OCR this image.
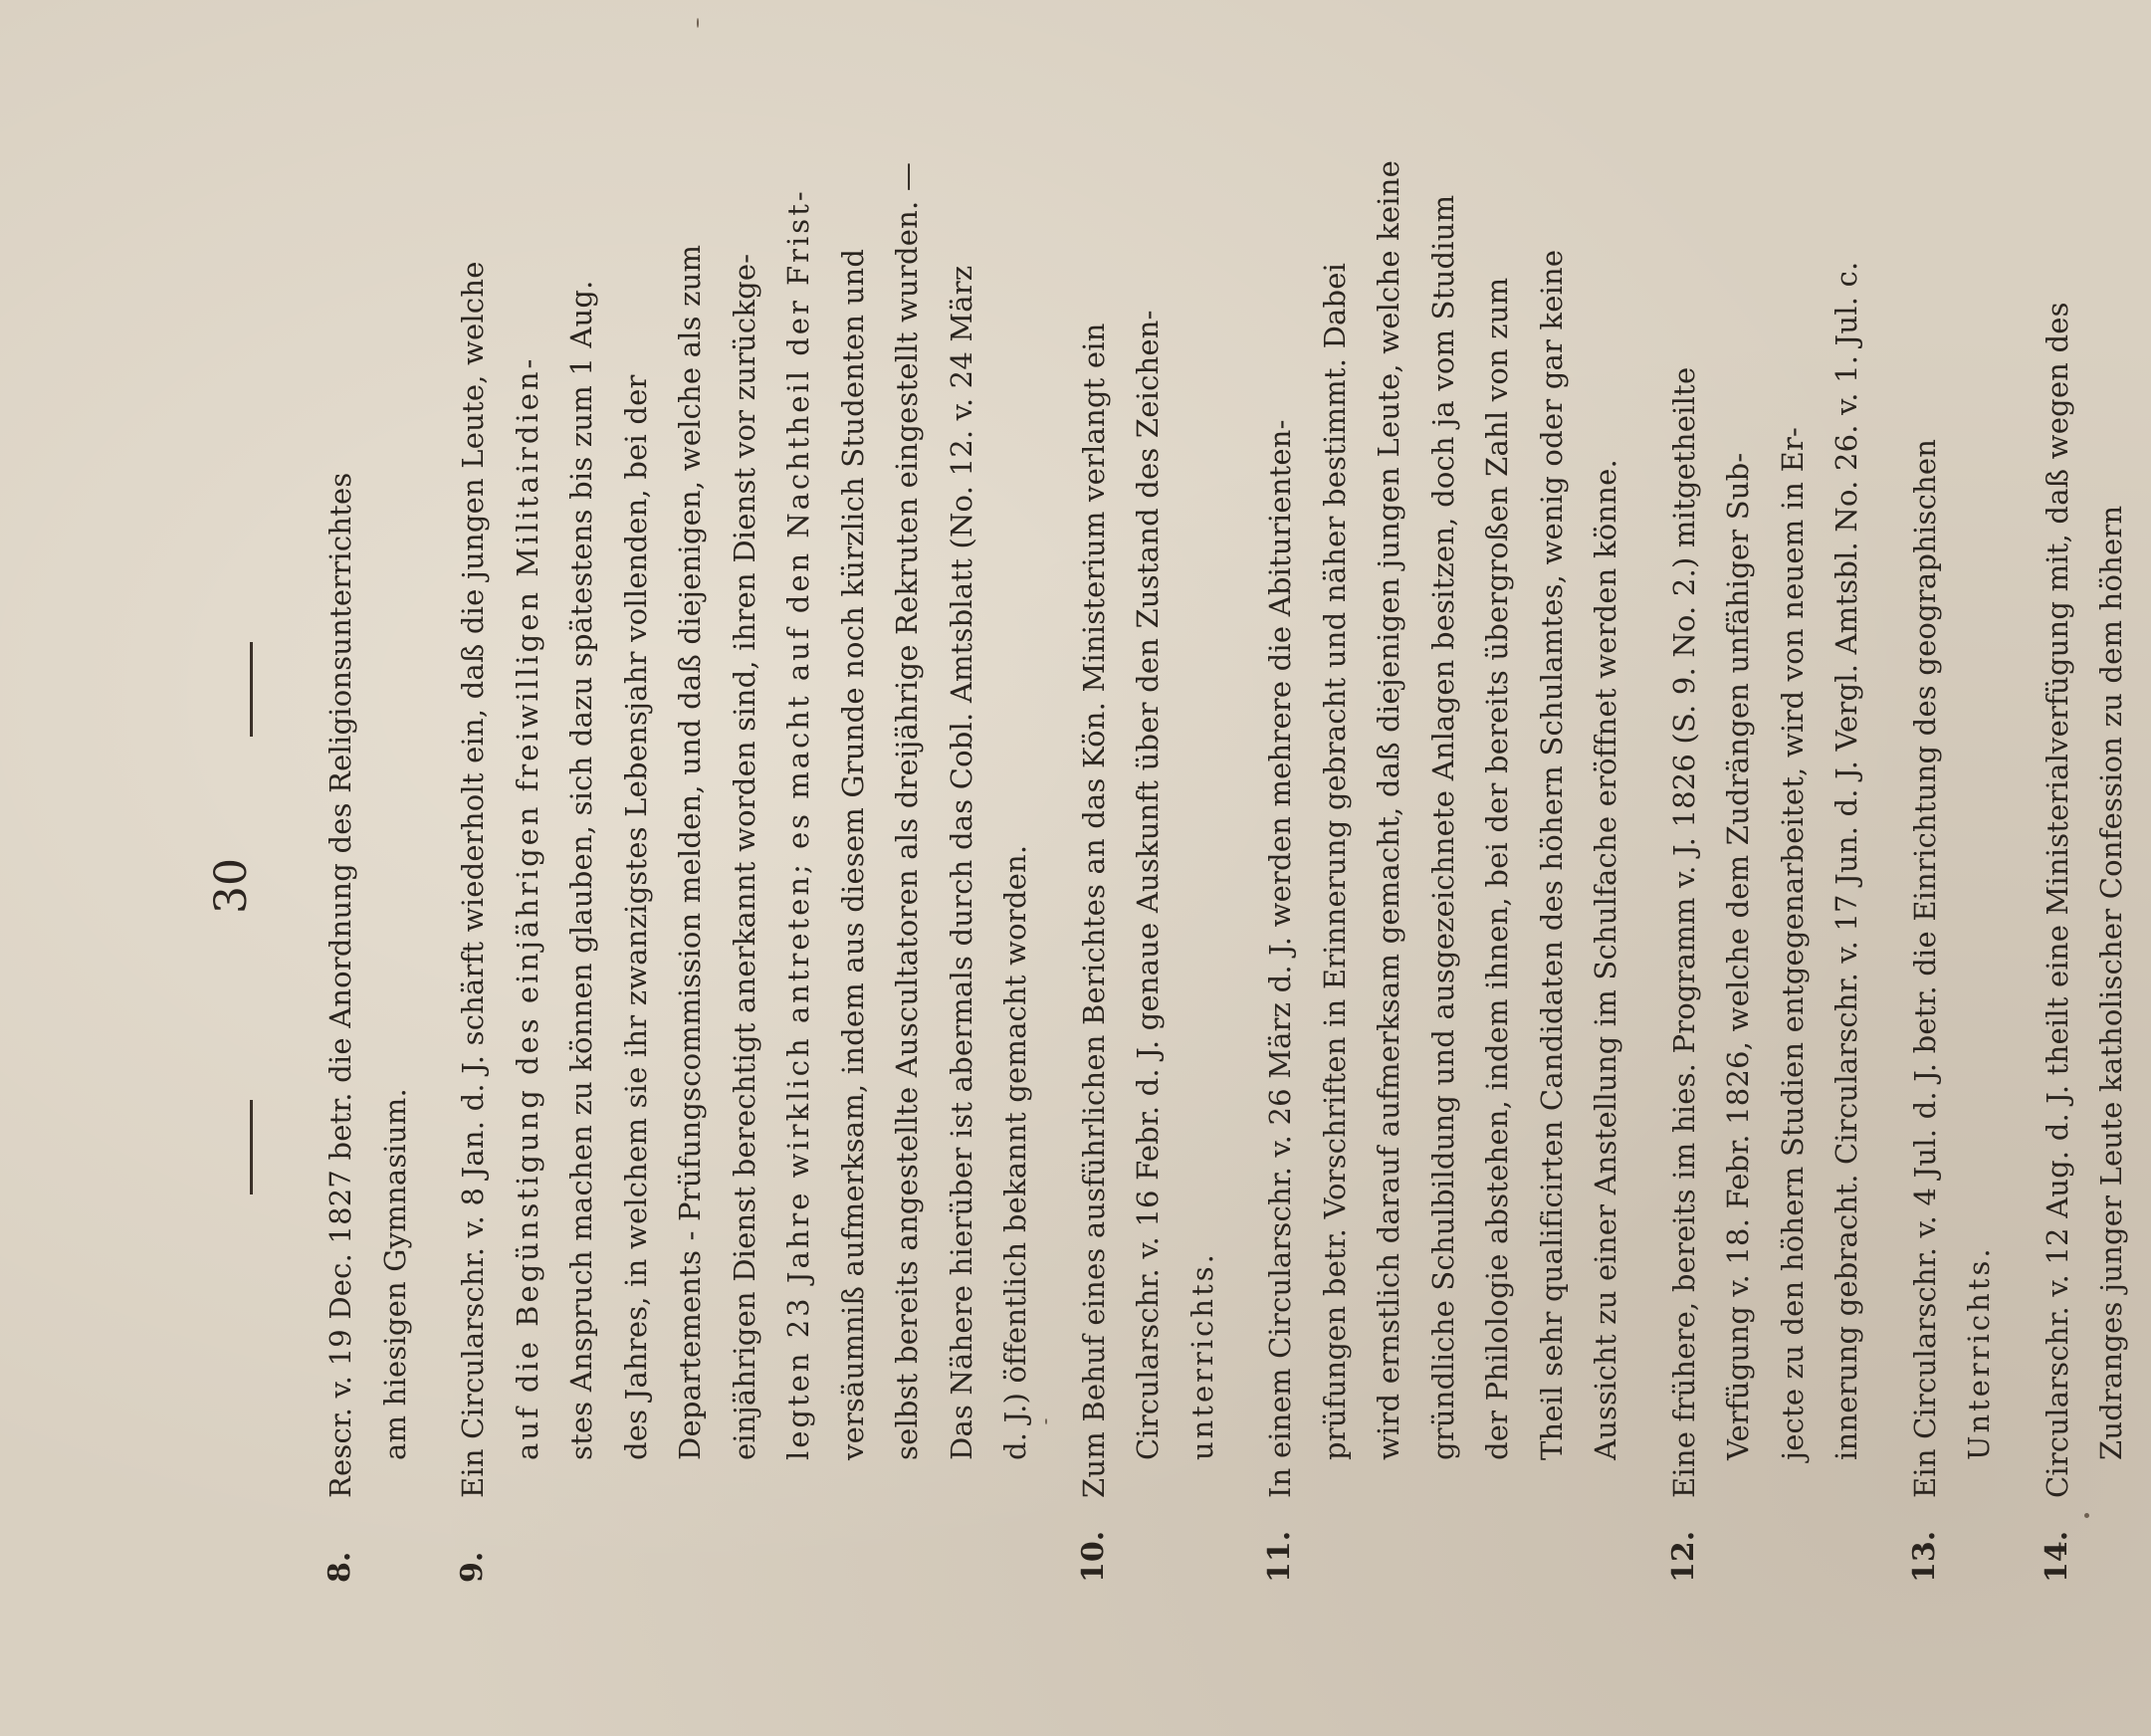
30
8.
Rescr. v. 19 Dec. 1827 betr. die Anordnung des Religionsunterrichtes am hiesigen Gymnasium.
9.
Ein Circularschr. v. 8 Jan. d. J. schärft wiederholt ein, daß die jungen Leute, welche auf die Begünstigung des einjährigen freiwilligen Militairdien- stes Anspruch machen zu können glauben, sich dazu spätestens bis zum 1 Aug. des Jahres, in welchem sie ihr zwanzigstes Lebensjahr vollenden, bei der Departements - Prüfungscommission melden, und daß diejenigen, welche als zum einjährigen Dienst berechtigt anerkannt worden sind, ihren Dienst vor zurückge- legten 23 Jahre wirklich antreten; es macht auf den Nachtheil der Frist- versäumniß aufmerksam, indem aus diesem Grunde noch kürzlich Studenten und selbst bereits angestellte Auscultatoren als dreijährige Rekruten eingestellt wurden. — Das Nähere hierüber ist abermals durch das Cobl. Amtsblatt (No. 12. v. 24 März d. J.) öffentlich bekannt gemacht worden.
10.
Zum Behuf eines ausführlichen Berichtes an das Kön. Ministerium verlangt ein Circularschr. v. 16 Febr. d. J. genaue Auskunft über den Zustand des Zeichen- unterrichts.
11.
In einem Circularschr. v. 26 März d. J. werden mehrere die Abiturienten- prüfungen betr. Vorschriften in Erinnerung gebracht und näher bestimmt. Dabei wird ernstlich darauf aufmerksam gemacht, daß diejenigen jungen Leute, welche keine gründliche Schulbildung und ausgezeichnete Anlagen besitzen, doch ja vom Studium der Philologie abstehen, indem ihnen, bei der bereits übergroßen Zahl von zum Theil sehr qualificirten Candidaten des höhern Schulamtes, wenig oder gar keine Aussicht zu einer Anstellung im Schulfache eröffnet werden könne.
12.
Eine frühere, bereits im hies. Programm v. J. 1826 (S. 9. No. 2.) mitgetheilte Verfügung v. 18. Febr. 1826, welche dem Zudrängen unfähiger Sub- jecte zu den höhern Studien entgegenarbeitet, wird von neuem in Er- innerung gebracht. Circularschr. v. 17 Jun. d. J. Vergl. Amtsbl. No. 26. v. 1. Jul. c.
13.
Ein Circularschr. v. 4 Jul. d. J. betr. die Einrichtung des geographischen Unterrichts.
14.
Circularschr. v. 12 Aug. d. J. theilt eine Ministerialverfügung mit, daß wegen des Zudranges junger Leute katholischer Confession zu dem höhern
